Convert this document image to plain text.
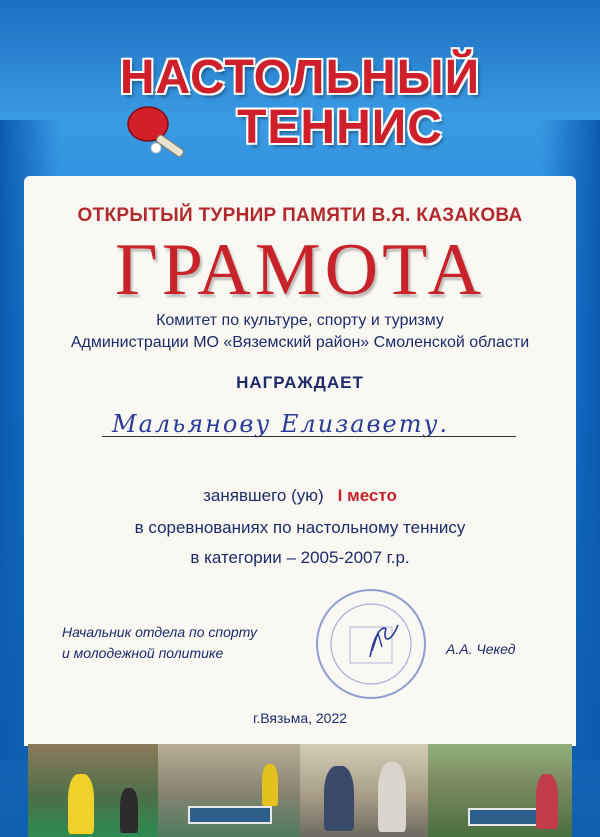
НАСТОЛЬНЫЙ
ТЕННИС
ОТКРЫТЫЙ ТУРНИР ПАМЯТИ В.Я. КАЗАКОВА
ГРАМОТА
Комитет по культуре, спорту и туризму
Администрации МО «Вяземский район» Смоленской области
НАГРАЖДАЕТ
Мальянову Елизавету.
занявшего (ую) I место
в соревнованиях по настольному теннису
в категории – 2005-2007 г.р.
Начальник отдела по спорту
и молодежной политике	А.А. Чекед
г.Вязьма, 2022
